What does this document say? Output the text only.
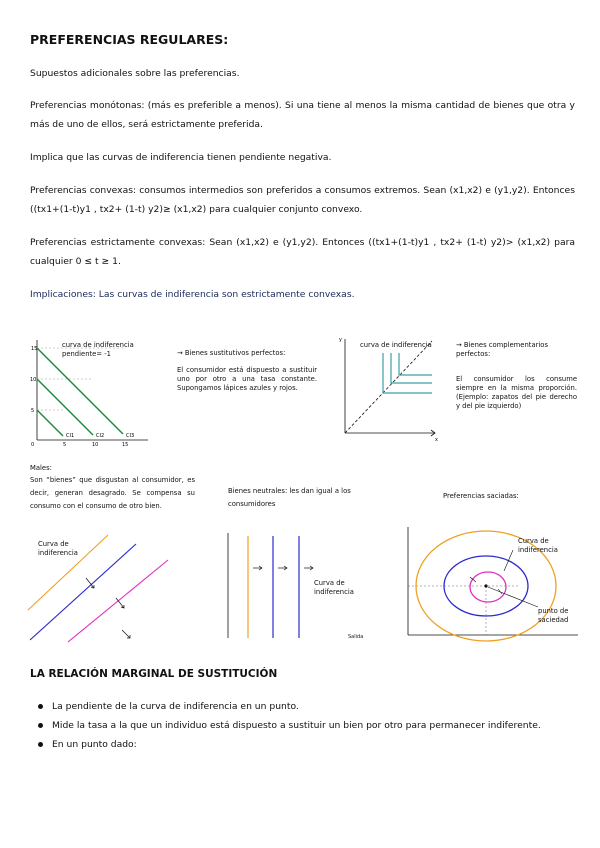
PREFERENCIAS REGULARES:
Supuestos adicionales sobre las preferencias.
Preferencias monótonas: (más es preferible a menos). Si una tiene al menos la misma cantidad de bienes que otra y más de uno de ellos, será estrictamente preferida.
Implica que las curvas de indiferencia tienen pendiente negativa.
Preferencias convexas: consumos intermedios son preferidos a consumos extremos. Sean (x1,x2) e (y1,y2). Entonces ((tx1+(1-t)y1 , tx2+ (1-t) y2)≥ (x1,x2) para cualquier conjunto convexo.
Preferencias estrictamente convexas: Sean (x1,x2) e (y1,y2). Entonces ((tx1+(1-t)y1 , tx2+ (1-t) y2)> (x1,x2) para cualquier 0 ≤ t ≥ 1.
Implicaciones: Las curvas de indiferencia son estrictamente convexas.
15
10
5
0	5	10	15
CI1	CI2	CI3
curva de indiferencia
pendiente= -1	→ Bienes sustitutivos perfectos:
El consumidor está dispuesto a sustituir uno por otro a una tasa constante. Supongamos lápices azules y rojos.
y
x
curva de indiferencia	→ Bienes complementarios perfectos:
El consumidor los consume siempre en la misma proporción. (Ejemplo: zapatos del pie derecho y del pie izquierdo)
Males:
Son “bienes” que disgustan al consumidor, es decir, generan desagrado. Se compensa su consumo con el consumo de otro bien.
Curva de indiferencia
Bienes neutrales: les dan igual a los consumidores
Curva de indiferencia
Salida
Preferencias saciadas:
Curva de indiferencia
punto de saciedad
LA RELACIÓN MARGINAL DE SUSTITUCIÓN
La pendiente de la curva de indiferencia en un punto.
Mide la tasa a la que un individuo está dispuesto a sustituir un bien por otro para permanecer indiferente.
En un punto dado:
